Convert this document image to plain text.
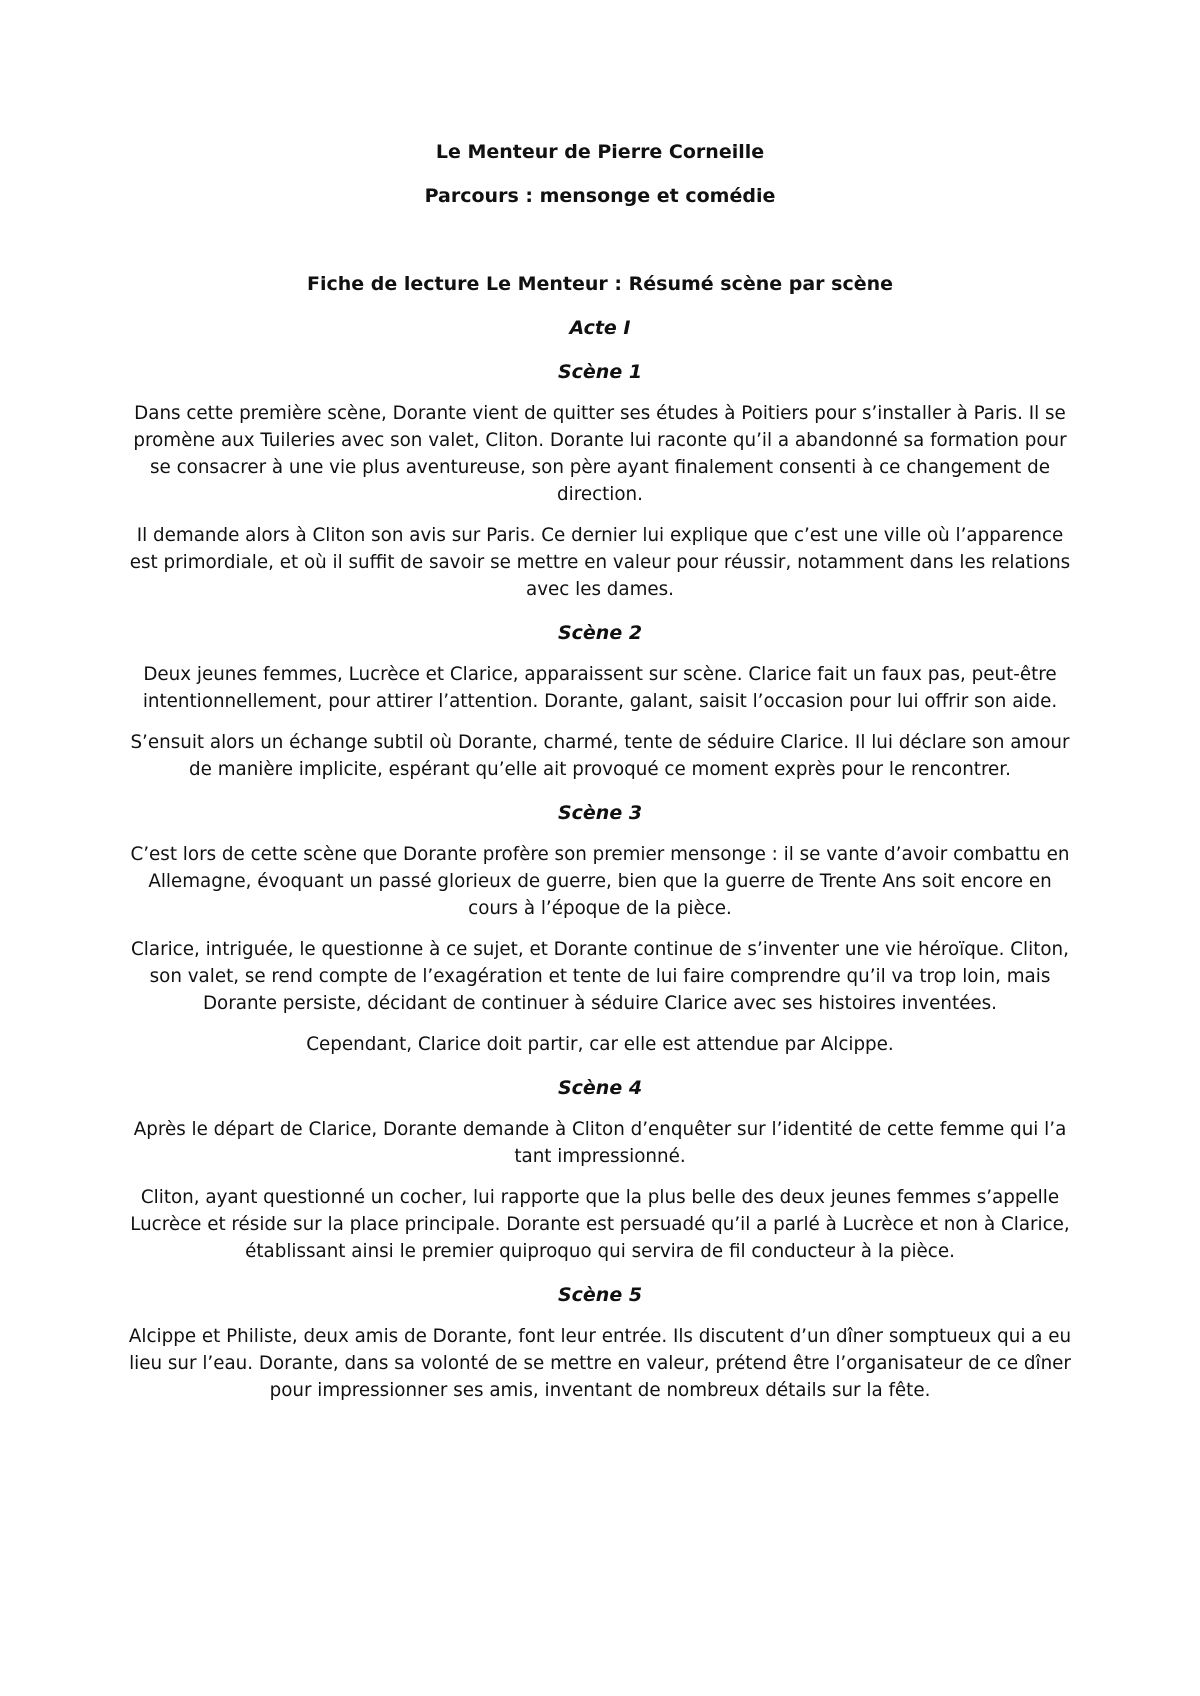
Le Menteur de Pierre Corneille
Parcours : mensonge et comédie
Fiche de lecture Le Menteur : Résumé scène par scène
Acte I
Scène 1

Dans cette première scène, Dorante vient de quitter ses études à Poitiers pour s’installer à Paris. Il se promène aux Tuileries avec son valet, Cliton. Dorante lui raconte qu’il a abandonné sa formation pour se consacrer à une vie plus aventureuse, son père ayant finalement consenti à ce changement de direction.

Il demande alors à Cliton son avis sur Paris. Ce dernier lui explique que c’est une ville où l’apparence est primordiale, et où il suffit de savoir se mettre en valeur pour réussir, notamment dans les relations avec les dames.

Scène 2

Deux jeunes femmes, Lucrèce et Clarice, apparaissent sur scène. Clarice fait un faux pas, peut-être intentionnellement, pour attirer l’attention. Dorante, galant, saisit l’occasion pour lui offrir son aide.

S’ensuit alors un échange subtil où Dorante, charmé, tente de séduire Clarice. Il lui déclare son amour de manière implicite, espérant qu’elle ait provoqué ce moment exprès pour le rencontrer.

Scène 3

C’est lors de cette scène que Dorante profère son premier mensonge : il se vante d’avoir combattu en Allemagne, évoquant un passé glorieux de guerre, bien que la guerre de Trente Ans soit encore en cours à l’époque de la pièce.

Clarice, intriguée, le questionne à ce sujet, et Dorante continue de s’inventer une vie héroïque. Cliton, son valet, se rend compte de l’exagération et tente de lui faire comprendre qu’il va trop loin, mais Dorante persiste, décidant de continuer à séduire Clarice avec ses histoires inventées.

Cependant, Clarice doit partir, car elle est attendue par Alcippe.

Scène 4

Après le départ de Clarice, Dorante demande à Cliton d’enquêter sur l’identité de cette femme qui l’a tant impressionné.

Cliton, ayant questionné un cocher, lui rapporte que la plus belle des deux jeunes femmes s’appelle Lucrèce et réside sur la place principale. Dorante est persuadé qu’il a parlé à Lucrèce et non à Clarice, établissant ainsi le premier quiproquo qui servira de fil conducteur à la pièce.

Scène 5

Alcippe et Philiste, deux amis de Dorante, font leur entrée. Ils discutent d’un dîner somptueux qui a eu lieu sur l’eau. Dorante, dans sa volonté de se mettre en valeur, prétend être l’organisateur de ce dîner pour impressionner ses amis, inventant de nombreux détails sur la fête.
